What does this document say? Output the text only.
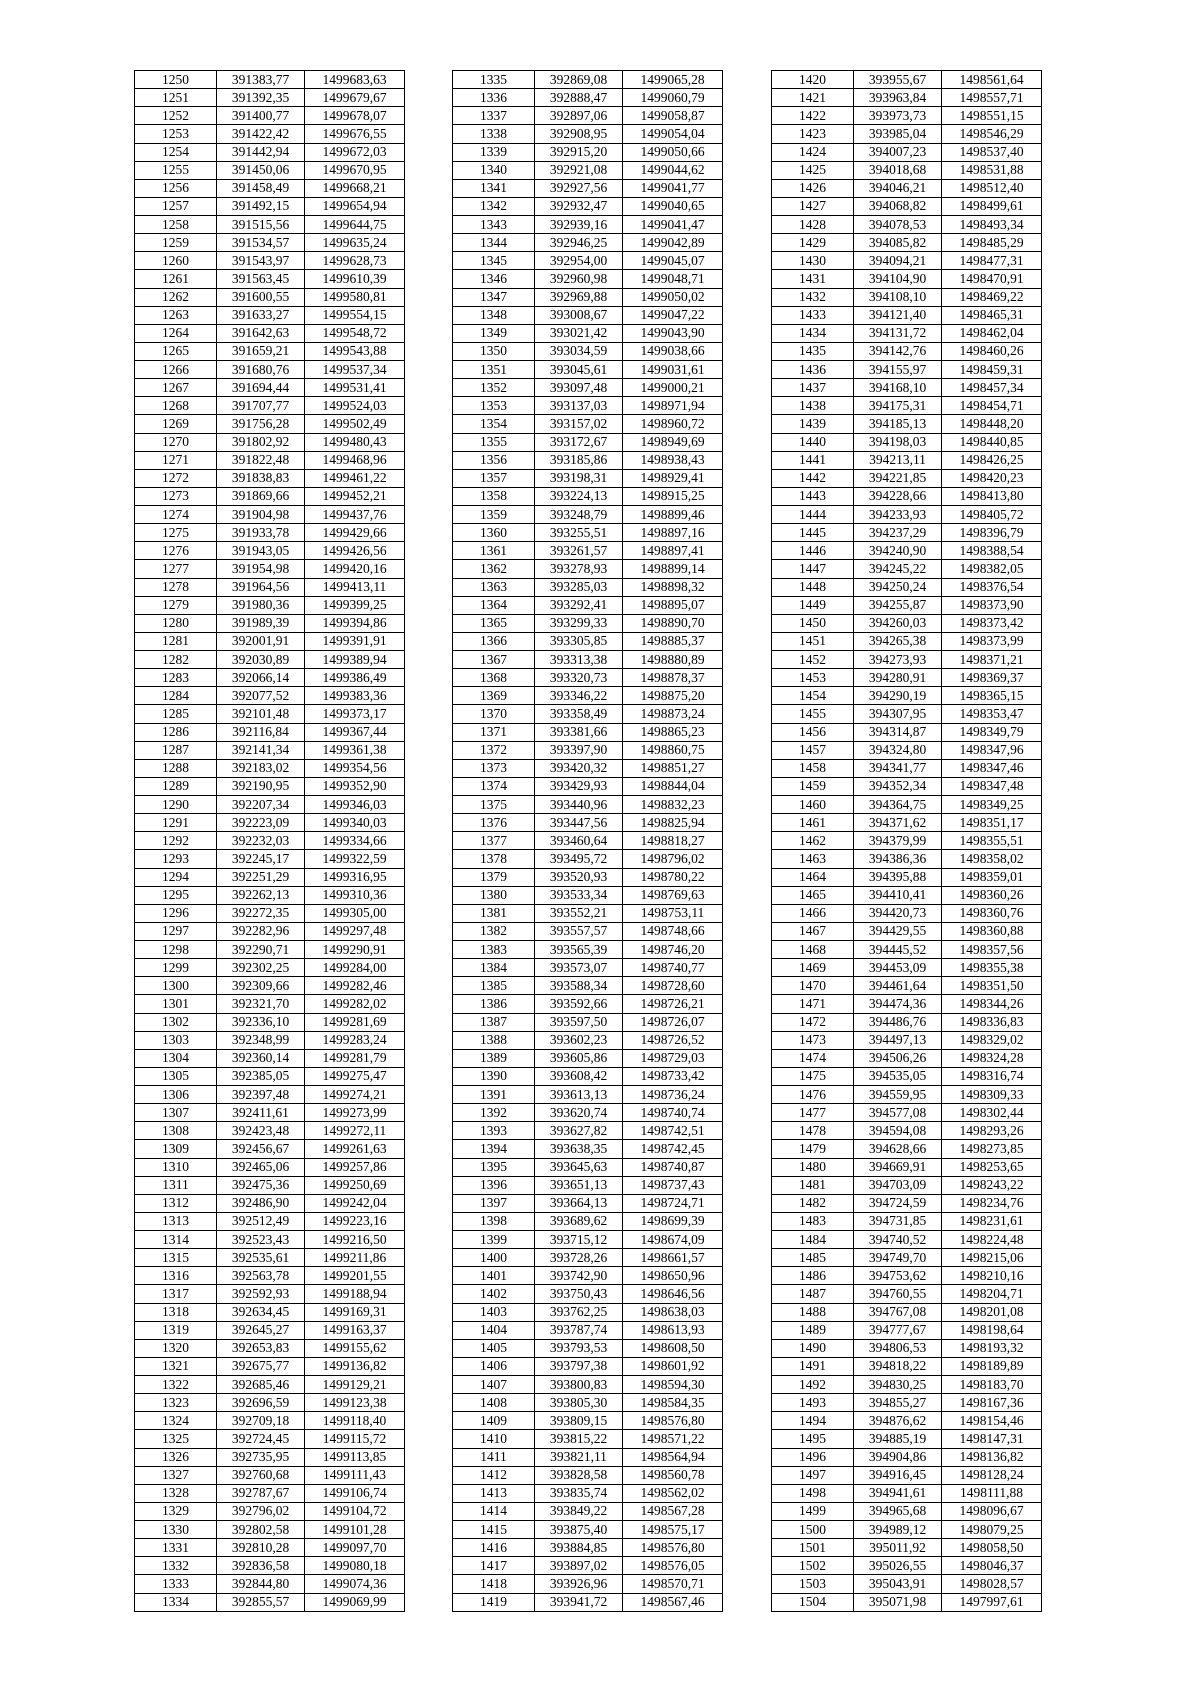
1250	391383,77	1499683,63
1251	391392,35	1499679,67
1252	391400,77	1499678,07
1253	391422,42	1499676,55
1254	391442,94	1499672,03
1255	391450,06	1499670,95
1256	391458,49	1499668,21
1257	391492,15	1499654,94
1258	391515,56	1499644,75
1259	391534,57	1499635,24
1260	391543,97	1499628,73
1261	391563,45	1499610,39
1262	391600,55	1499580,81
1263	391633,27	1499554,15
1264	391642,63	1499548,72
1265	391659,21	1499543,88
1266	391680,76	1499537,34
1267	391694,44	1499531,41
1268	391707,77	1499524,03
1269	391756,28	1499502,49
1270	391802,92	1499480,43
1271	391822,48	1499468,96
1272	391838,83	1499461,22
1273	391869,66	1499452,21
1274	391904,98	1499437,76
1275	391933,78	1499429,66
1276	391943,05	1499426,56
1277	391954,98	1499420,16
1278	391964,56	1499413,11
1279	391980,36	1499399,25
1280	391989,39	1499394,86
1281	392001,91	1499391,91
1282	392030,89	1499389,94
1283	392066,14	1499386,49
1284	392077,52	1499383,36
1285	392101,48	1499373,17
1286	392116,84	1499367,44
1287	392141,34	1499361,38
1288	392183,02	1499354,56
1289	392190,95	1499352,90
1290	392207,34	1499346,03
1291	392223,09	1499340,03
1292	392232,03	1499334,66
1293	392245,17	1499322,59
1294	392251,29	1499316,95
1295	392262,13	1499310,36
1296	392272,35	1499305,00
1297	392282,96	1499297,48
1298	392290,71	1499290,91
1299	392302,25	1499284,00
1300	392309,66	1499282,46
1301	392321,70	1499282,02
1302	392336,10	1499281,69
1303	392348,99	1499283,24
1304	392360,14	1499281,79
1305	392385,05	1499275,47
1306	392397,48	1499274,21
1307	392411,61	1499273,99
1308	392423,48	1499272,11
1309	392456,67	1499261,63
1310	392465,06	1499257,86
1311	392475,36	1499250,69
1312	392486,90	1499242,04
1313	392512,49	1499223,16
1314	392523,43	1499216,50
1315	392535,61	1499211,86
1316	392563,78	1499201,55
1317	392592,93	1499188,94
1318	392634,45	1499169,31
1319	392645,27	1499163,37
1320	392653,83	1499155,62
1321	392675,77	1499136,82
1322	392685,46	1499129,21
1323	392696,59	1499123,38
1324	392709,18	1499118,40
1325	392724,45	1499115,72
1326	392735,95	1499113,85
1327	392760,68	1499111,43
1328	392787,67	1499106,74
1329	392796,02	1499104,72
1330	392802,58	1499101,28
1331	392810,28	1499097,70
1332	392836,58	1499080,18
1333	392844,80	1499074,36
1334	392855,57	1499069,99
1335	392869,08	1499065,28
1336	392888,47	1499060,79
1337	392897,06	1499058,87
1338	392908,95	1499054,04
1339	392915,20	1499050,66
1340	392921,08	1499044,62
1341	392927,56	1499041,77
1342	392932,47	1499040,65
1343	392939,16	1499041,47
1344	392946,25	1499042,89
1345	392954,00	1499045,07
1346	392960,98	1499048,71
1347	392969,88	1499050,02
1348	393008,67	1499047,22
1349	393021,42	1499043,90
1350	393034,59	1499038,66
1351	393045,61	1499031,61
1352	393097,48	1499000,21
1353	393137,03	1498971,94
1354	393157,02	1498960,72
1355	393172,67	1498949,69
1356	393185,86	1498938,43
1357	393198,31	1498929,41
1358	393224,13	1498915,25
1359	393248,79	1498899,46
1360	393255,51	1498897,16
1361	393261,57	1498897,41
1362	393278,93	1498899,14
1363	393285,03	1498898,32
1364	393292,41	1498895,07
1365	393299,33	1498890,70
1366	393305,85	1498885,37
1367	393313,38	1498880,89
1368	393320,73	1498878,37
1369	393346,22	1498875,20
1370	393358,49	1498873,24
1371	393381,66	1498865,23
1372	393397,90	1498860,75
1373	393420,32	1498851,27
1374	393429,93	1498844,04
1375	393440,96	1498832,23
1376	393447,56	1498825,94
1377	393460,64	1498818,27
1378	393495,72	1498796,02
1379	393520,93	1498780,22
1380	393533,34	1498769,63
1381	393552,21	1498753,11
1382	393557,57	1498748,66
1383	393565,39	1498746,20
1384	393573,07	1498740,77
1385	393588,34	1498728,60
1386	393592,66	1498726,21
1387	393597,50	1498726,07
1388	393602,23	1498726,52
1389	393605,86	1498729,03
1390	393608,42	1498733,42
1391	393613,13	1498736,24
1392	393620,74	1498740,74
1393	393627,82	1498742,51
1394	393638,35	1498742,45
1395	393645,63	1498740,87
1396	393651,13	1498737,43
1397	393664,13	1498724,71
1398	393689,62	1498699,39
1399	393715,12	1498674,09
1400	393728,26	1498661,57
1401	393742,90	1498650,96
1402	393750,43	1498646,56
1403	393762,25	1498638,03
1404	393787,74	1498613,93
1405	393793,53	1498608,50
1406	393797,38	1498601,92
1407	393800,83	1498594,30
1408	393805,30	1498584,35
1409	393809,15	1498576,80
1410	393815,22	1498571,22
1411	393821,11	1498564,94
1412	393828,58	1498560,78
1413	393835,74	1498562,02
1414	393849,22	1498567,28
1415	393875,40	1498575,17
1416	393884,85	1498576,80
1417	393897,02	1498576,05
1418	393926,96	1498570,71
1419	393941,72	1498567,46
1420	393955,67	1498561,64
1421	393963,84	1498557,71
1422	393973,73	1498551,15
1423	393985,04	1498546,29
1424	394007,23	1498537,40
1425	394018,68	1498531,88
1426	394046,21	1498512,40
1427	394068,82	1498499,61
1428	394078,53	1498493,34
1429	394085,82	1498485,29
1430	394094,21	1498477,31
1431	394104,90	1498470,91
1432	394108,10	1498469,22
1433	394121,40	1498465,31
1434	394131,72	1498462,04
1435	394142,76	1498460,26
1436	394155,97	1498459,31
1437	394168,10	1498457,34
1438	394175,31	1498454,71
1439	394185,13	1498448,20
1440	394198,03	1498440,85
1441	394213,11	1498426,25
1442	394221,85	1498420,23
1443	394228,66	1498413,80
1444	394233,93	1498405,72
1445	394237,29	1498396,79
1446	394240,90	1498388,54
1447	394245,22	1498382,05
1448	394250,24	1498376,54
1449	394255,87	1498373,90
1450	394260,03	1498373,42
1451	394265,38	1498373,99
1452	394273,93	1498371,21
1453	394280,91	1498369,37
1454	394290,19	1498365,15
1455	394307,95	1498353,47
1456	394314,87	1498349,79
1457	394324,80	1498347,96
1458	394341,77	1498347,46
1459	394352,34	1498347,48
1460	394364,75	1498349,25
1461	394371,62	1498351,17
1462	394379,99	1498355,51
1463	394386,36	1498358,02
1464	394395,88	1498359,01
1465	394410,41	1498360,26
1466	394420,73	1498360,76
1467	394429,55	1498360,88
1468	394445,52	1498357,56
1469	394453,09	1498355,38
1470	394461,64	1498351,50
1471	394474,36	1498344,26
1472	394486,76	1498336,83
1473	394497,13	1498329,02
1474	394506,26	1498324,28
1475	394535,05	1498316,74
1476	394559,95	1498309,33
1477	394577,08	1498302,44
1478	394594,08	1498293,26
1479	394628,66	1498273,85
1480	394669,91	1498253,65
1481	394703,09	1498243,22
1482	394724,59	1498234,76
1483	394731,85	1498231,61
1484	394740,52	1498224,48
1485	394749,70	1498215,06
1486	394753,62	1498210,16
1487	394760,55	1498204,71
1488	394767,08	1498201,08
1489	394777,67	1498198,64
1490	394806,53	1498193,32
1491	394818,22	1498189,89
1492	394830,25	1498183,70
1493	394855,27	1498167,36
1494	394876,62	1498154,46
1495	394885,19	1498147,31
1496	394904,86	1498136,82
1497	394916,45	1498128,24
1498	394941,61	1498111,88
1499	394965,68	1498096,67
1500	394989,12	1498079,25
1501	395011,92	1498058,50
1502	395026,55	1498046,37
1503	395043,91	1498028,57
1504	395071,98	1497997,61
